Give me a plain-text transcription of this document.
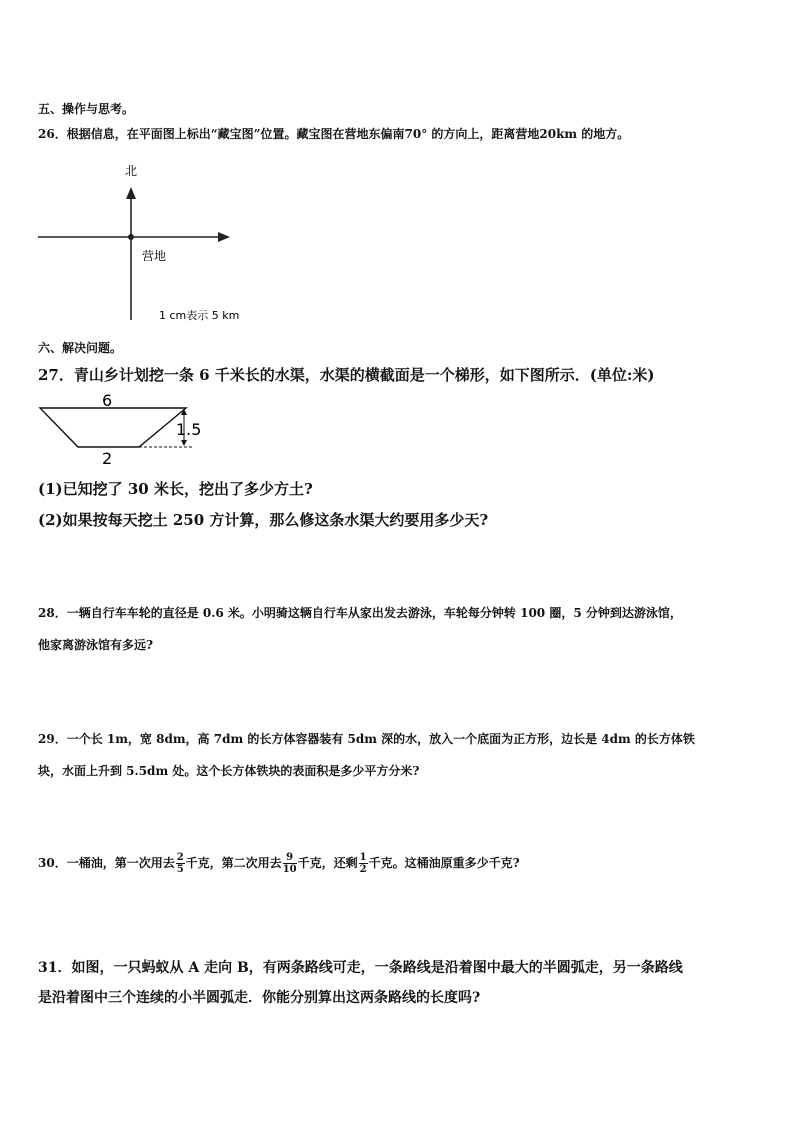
五、操作与思考。
26．根据信息，在平面图上标出“藏宝图”位置。藏宝图在营地东偏南70° 的方向上，距离营地20km 的地方。
北
营地
1 cm表示 5 km
六、解决问题。
27．青山乡计划挖一条 6 千米长的水渠，水渠的横截面是一个梯形，如下图所示．(单位:米)
6
1.5
2
(1)已知挖了 30 米长，挖出了多少方土?
(2)如果按每天挖土 250 方计算，那么修这条水渠大约要用多少天?
28．一辆自行车车轮的直径是 0.6 米。小明骑这辆自行车从家出发去游泳，车轮每分钟转 100 圈，5 分钟到达游泳馆，
他家离游泳馆有多远?
29．一个长 1m，宽 8dm，高 7dm 的长方体容器装有 5dm 深的水，放入一个底面为正方形，边长是 4dm 的长方体铁
块，水面上升到 5.5dm 处。这个长方体铁块的表面积是多少平方分米?
30．一桶油，第一次用去 $\frac{2}{5}$ 千克，第二次用去 $\frac{9}{10}$ 千克，还剩 $\frac{1}{2}$ 千克。这桶油原重多少千克?
31．如图，一只蚂蚁从 A 走向 B，有两条路线可走，一条路线是沿着图中最大的半圆弧走，另一条路线
是沿着图中三个连续的小半圆弧走．你能分别算出这两条路线的长度吗?
